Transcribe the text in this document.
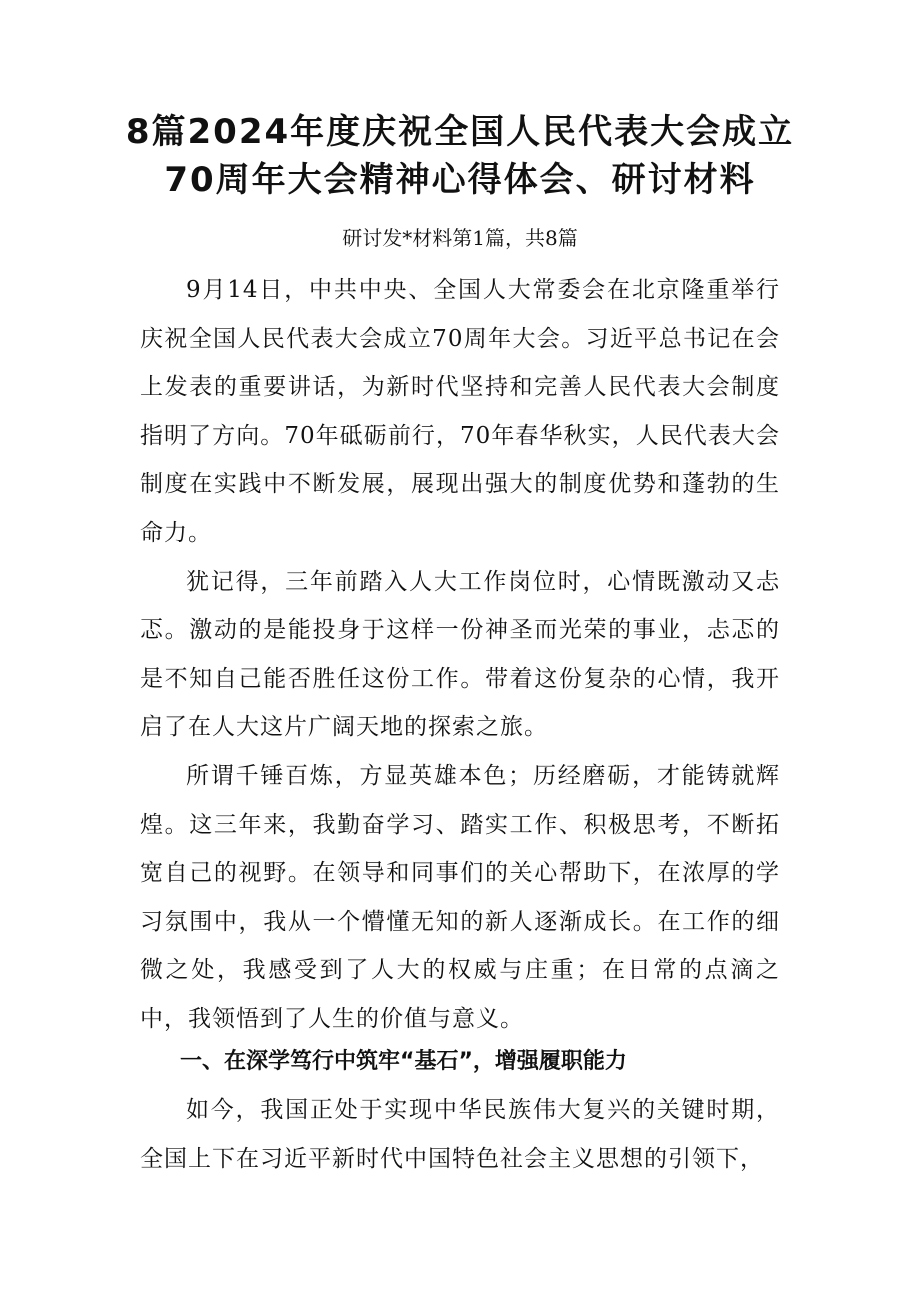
8篇2024年度庆祝全国人民代表大会成立
70周年大会精神心得体会、研讨材料

研讨发*材料第1篇，共8篇

9月14日，中共中央、全国人大常委会在北京隆重举行庆祝全国人民代表大会成立70周年大会。习近平总书记在会上发表的重要讲话，为新时代坚持和完善人民代表大会制度指明了方向。70年砥砺前行，70年春华秋实，人民代表大会制度在实践中不断发展，展现出强大的制度优势和蓬勃的生命力。

犹记得，三年前踏入人大工作岗位时，心情既激动又忐忑。激动的是能投身于这样一份神圣而光荣的事业，忐忑的是不知自己能否胜任这份工作。带着这份复杂的心情，我开启了在人大这片广阔天地的探索之旅。

所谓千锤百炼，方显英雄本色；历经磨砺，才能铸就辉煌。这三年来，我勤奋学习、踏实工作、积极思考，不断拓宽自己的视野。在领导和同事们的关心帮助下，在浓厚的学习氛围中，我从一个懵懂无知的新人逐渐成长。在工作的细微之处，我感受到了人大的权威与庄重；在日常的点滴之中，我领悟到了人生的价值与意义。

一、在深学笃行中筑牢“基石”，增强履职能力

如今，我国正处于实现中华民族伟大复兴的关键时期，全国上下在习近平新时代中国特色社会主义思想的引领下，
